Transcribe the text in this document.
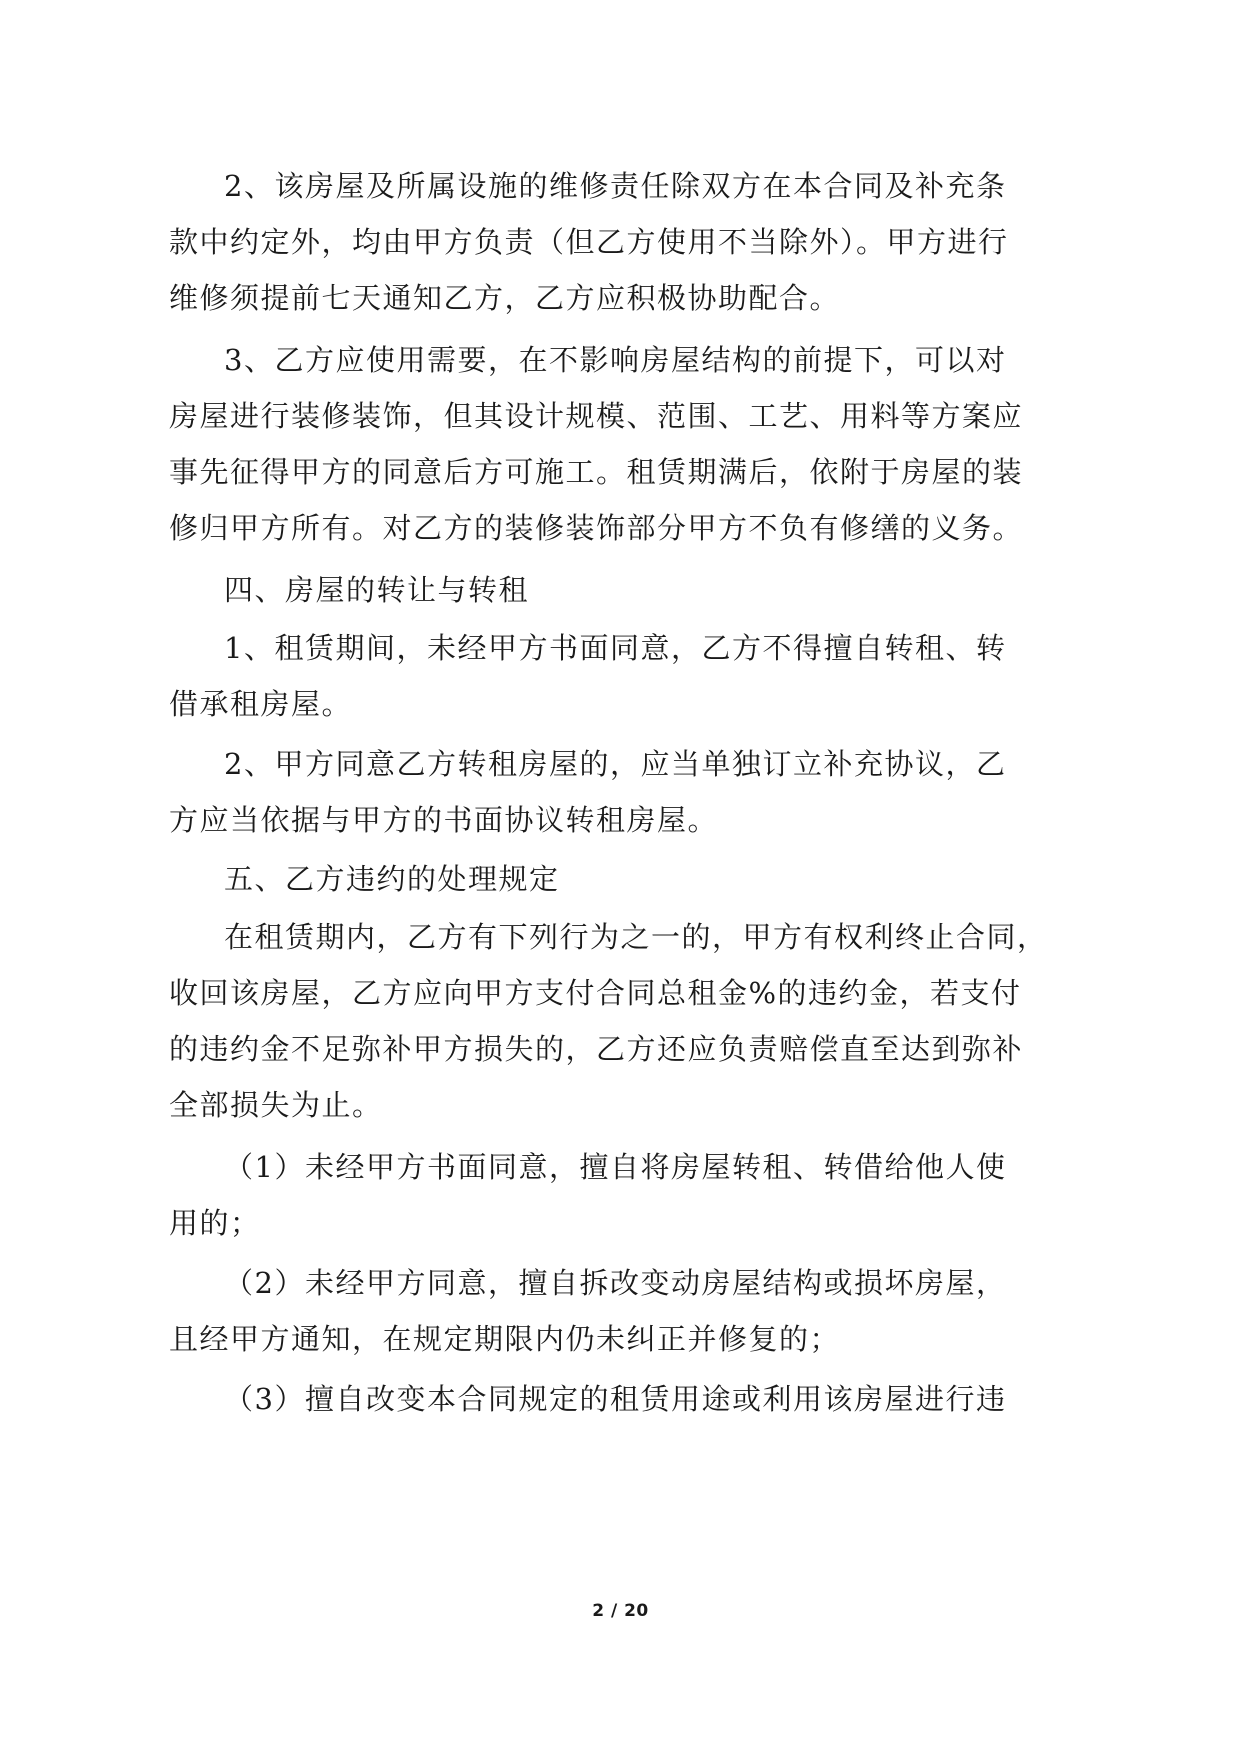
2、该房屋及所属设施的维修责任除双方在本合同及补充条
款中约定外，均由甲方负责（但乙方使用不当除外）。甲方进行
维修须提前七天通知乙方，乙方应积极协助配合。
3、乙方应使用需要，在不影响房屋结构的前提下，可以对
房屋进行装修装饰，但其设计规模、范围、工艺、用料等方案应
事先征得甲方的同意后方可施工。租赁期满后，依附于房屋的装
修归甲方所有。对乙方的装修装饰部分甲方不负有修缮的义务。
四、房屋的转让与转租
1、租赁期间，未经甲方书面同意，乙方不得擅自转租、转
借承租房屋。
2、甲方同意乙方转租房屋的，应当单独订立补充协议，乙
方应当依据与甲方的书面协议转租房屋。
五、乙方违约的处理规定
在租赁期内，乙方有下列行为之一的，甲方有权利终止合同，
收回该房屋，乙方应向甲方支付合同总租金%的违约金，若支付
的违约金不足弥补甲方损失的，乙方还应负责赔偿直至达到弥补
全部损失为止。
（1）未经甲方书面同意，擅自将房屋转租、转借给他人使
用的；
（2）未经甲方同意，擅自拆改变动房屋结构或损坏房屋，
且经甲方通知，在规定期限内仍未纠正并修复的；
（3）擅自改变本合同规定的租赁用途或利用该房屋进行违
2 / 20
